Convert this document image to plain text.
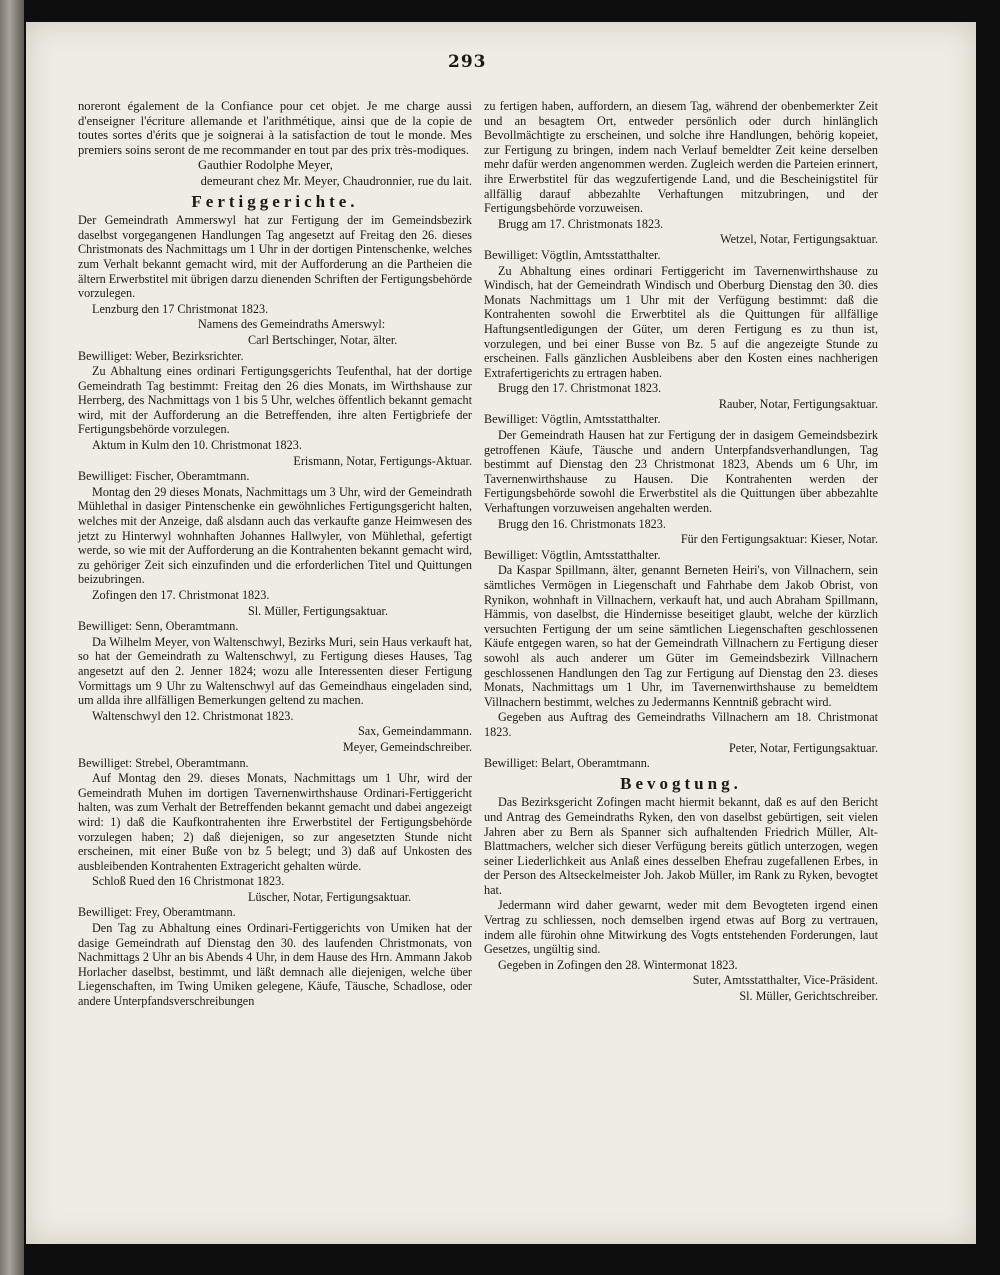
293

noreront également de la Confiance pour cet objet. Je me charge aussi d'enseigner l'écriture allemande et l'arithmétique, ainsi que de la copie de toutes sortes d'érits que je soignerai à la satisfaction de tout le monde. Mes premiers soins seront de me recommander en tout par des prix très-modiques.

Gauthier Rodolphe Meyer,

demeurant chez Mr. Meyer, Chaudronnier, rue du lait.

Fertiggerichte.

Der Gemeindrath Ammerswyl hat zur Fertigung der im Gemeindsbezirk daselbst vorgegangenen Handlungen Tag angesetzt auf Freitag den 26. dieses Christmonats des Nachmittags um 1 Uhr in der dortigen Pintenschenke, welches zum Verhalt bekannt gemacht wird, mit der Aufforderung an die Partheien die ältern Erwerbstitel mit übrigen darzu dienenden Schriften der Fertigungsbehörde vorzulegen.

Lenzburg den 17 Christmonat 1823.

Namens des Gemeindraths Amerswyl:

Carl Bertschinger, Notar, älter.

Bewilliget: Weber, Bezirksrichter.

Zu Abhaltung eines ordinari Fertigungsgerichts Teufenthal, hat der dortige Gemeindrath Tag bestimmt: Freitag den 26 dies Monats, im Wirthshause zur Herrberg, des Nachmittags von 1 bis 5 Uhr, welches öffentlich bekannt gemacht wird, mit der Aufforderung an die Betreffenden, ihre alten Fertigbriefe der Fertigungsbehörde vorzulegen.

Aktum in Kulm den 10. Christmonat 1823.

Erismann, Notar, Fertigungs-Aktuar.

Bewilliget: Fischer, Oberamtmann.

Montag den 29 dieses Monats, Nachmittags um 3 Uhr, wird der Gemeindrath Mühlethal in dasiger Pintenschenke ein gewöhnliches Fertigungsgericht halten, welches mit der Anzeige, daß alsdann auch das verkaufte ganze Heimwesen des jetzt zu Hinterwyl wohnhaften Johannes Hallwyler, von Mühlethal, gefertigt werde, so wie mit der Aufforderung an die Kontrahenten bekannt gemacht wird, zu gehöriger Zeit sich einzufinden und die erforderlichen Titel und Quittungen beizubringen.

Zofingen den 17. Christmonat 1823.

Sl. Müller, Fertigungsaktuar.

Bewilliget: Senn, Oberamtmann.

Da Wilhelm Meyer, von Waltenschwyl, Bezirks Muri, sein Haus verkauft hat, so hat der Gemeindrath zu Waltenschwyl, zu Fertigung dieses Hauses, Tag angesetzt auf den 2. Jenner 1824; wozu alle Interessenten dieser Fertigung Vormittags um 9 Uhr zu Waltenschwyl auf das Gemeindhaus eingeladen sind, um allda ihre allfälligen Bemerkungen geltend zu machen.

Waltenschwyl den 12. Christmonat 1823.

Sax, Gemeindammann.

Meyer, Gemeindschreiber.

Bewilliget: Strebel, Oberamtmann.

Auf Montag den 29. dieses Monats, Nachmittags um 1 Uhr, wird der Gemeindrath Muhen im dortigen Tavernenwirthshause Ordinari-Fertiggericht halten, was zum Verhalt der Betreffenden bekannt gemacht und dabei angezeigt wird: 1) daß die Kaufkontrahenten ihre Erwerbstitel der Fertigungsbehörde vorzulegen haben; 2) daß diejenigen, so zur angesetzten Stunde nicht erscheinen, mit einer Buße von bz 5 belegt; und 3) daß auf Unkosten des ausbleibenden Kontrahenten Extragericht gehalten würde.

Schloß Rued den 16 Christmonat 1823.

Lüscher, Notar, Fertigungsaktuar.

Bewilliget: Frey, Oberamtmann.

Den Tag zu Abhaltung eines Ordinari-Fertiggerichts von Umiken hat der dasige Gemeindrath auf Dienstag den 30. des laufenden Christmonats, von Nachmittags 2 Uhr an bis Abends 4 Uhr, in dem Hause des Hrn. Ammann Jakob Horlacher daselbst, bestimmt, und läßt demnach alle diejenigen, welche über Liegenschaften, im Twing Umiken gelegene, Käufe, Täusche, Schadlose, oder andere Unterpfandsverschreibungen

zu fertigen haben, auffordern, an diesem Tag, während der obenbemerkter Zeit und an besagtem Ort, entweder persönlich oder durch hinlänglich Bevollmächtigte zu erscheinen, und solche ihre Handlungen, behörig kopeiet, zur Fertigung zu bringen, indem nach Verlauf bemeldter Zeit keine derselben mehr dafür werden angenommen werden. Zugleich werden die Parteien erinnert, ihre Erwerbstitel für das wegzufertigende Land, und die Bescheinigstitel für allfällig darauf abbezahlte Verhaftungen mitzubringen, und der Fertigungsbehörde vorzuweisen.

Brugg am 17. Christmonats 1823.

Wetzel, Notar, Fertigungsaktuar.

Bewilliget: Vögtlin, Amtsstatthalter.

Zu Abhaltung eines ordinari Fertiggericht im Tavernenwirthshause zu Windisch, hat der Gemeindrath Windisch und Oberburg Dienstag den 30. dies Monats Nachmittags um 1 Uhr mit der Verfügung bestimmt: daß die Kontrahenten sowohl die Erwerbtitel als die Quittungen für allfällige Haftungsentledigungen der Güter, um deren Fertigung es zu thun ist, vorzulegen, und bei einer Busse von Bz. 5 auf die angezeigte Stunde zu erscheinen. Falls gänzlichen Ausbleibens aber den Kosten eines nachherigen Extrafertigerichts zu ertragen haben.

Brugg den 17. Christmonat 1823.

Rauber, Notar, Fertigungsaktuar.

Bewilliget: Vögtlin, Amtsstatthalter.

Der Gemeindrath Hausen hat zur Fertigung der in dasigem Gemeindsbezirk getroffenen Käufe, Täusche und andern Unterpfandsverhandlungen, Tag bestimmt auf Dienstag den 23 Christmonat 1823, Abends um 6 Uhr, im Tavernenwirthshause zu Hausen. Die Kontrahenten werden der Fertigungsbehörde sowohl die Erwerbstitel als die Quittungen über abbezahlte Verhaftungen vorzuweisen angehalten werden.

Brugg den 16. Christmonats 1823.

Für den Fertigungsaktuar: Kieser, Notar.

Bewilliget: Vögtlin, Amtsstatthalter.

Da Kaspar Spillmann, älter, genannt Berneten Heiri's, von Villnachern, sein sämtliches Vermögen in Liegenschaft und Fahrhabe dem Jakob Obrist, von Rynikon, wohnhaft in Villnachern, verkauft hat, und auch Abraham Spillmann, Hämmis, von daselbst, die Hindernisse beseitiget glaubt, welche der kürzlich versuchten Fertigung der um seine sämtlichen Liegenschaften geschlossenen Käufe entgegen waren, so hat der Gemeindrath Villnachern zu Fertigung dieser sowohl als auch anderer um Güter im Gemeindsbezirk Villnachern geschlossenen Handlungen den Tag zur Fertigung auf Dienstag den 23. dieses Monats, Nachmittags um 1 Uhr, im Tavernenwirthshause zu bemeldtem Villnachern bestimmt, welches zu Jedermanns Kenntniß gebracht wird.

Gegeben aus Auftrag des Gemeindraths Villnachern am 18. Christmonat 1823.

Peter, Notar, Fertigungsaktuar.

Bewilliget: Belart, Oberamtmann.

Bevogtung.

Das Bezirksgericht Zofingen macht hiermit bekannt, daß es auf den Bericht und Antrag des Gemeindraths Ryken, den von daselbst gebürtigen, seit vielen Jahren aber zu Bern als Spanner sich aufhaltenden Friedrich Müller, Alt-Blattmachers, welcher sich dieser Verfügung bereits gütlich unterzogen, wegen seiner Liederlichkeit aus Anlaß eines desselben Ehefrau zugefallenen Erbes, in der Person des Altseckelmeister Joh. Jakob Müller, im Rank zu Ryken, bevogtet hat.

Jedermann wird daher gewarnt, weder mit dem Bevogteten irgend einen Vertrag zu schliessen, noch demselben irgend etwas auf Borg zu vertrauen, indem alle fürohin ohne Mitwirkung des Vogts entstehenden Forderungen, laut Gesetzes, ungültig sind.

Gegeben in Zofingen den 28. Wintermonat 1823.

Suter, Amtsstatthalter, Vice-Präsident.

Sl. Müller, Gerichtschreiber.
